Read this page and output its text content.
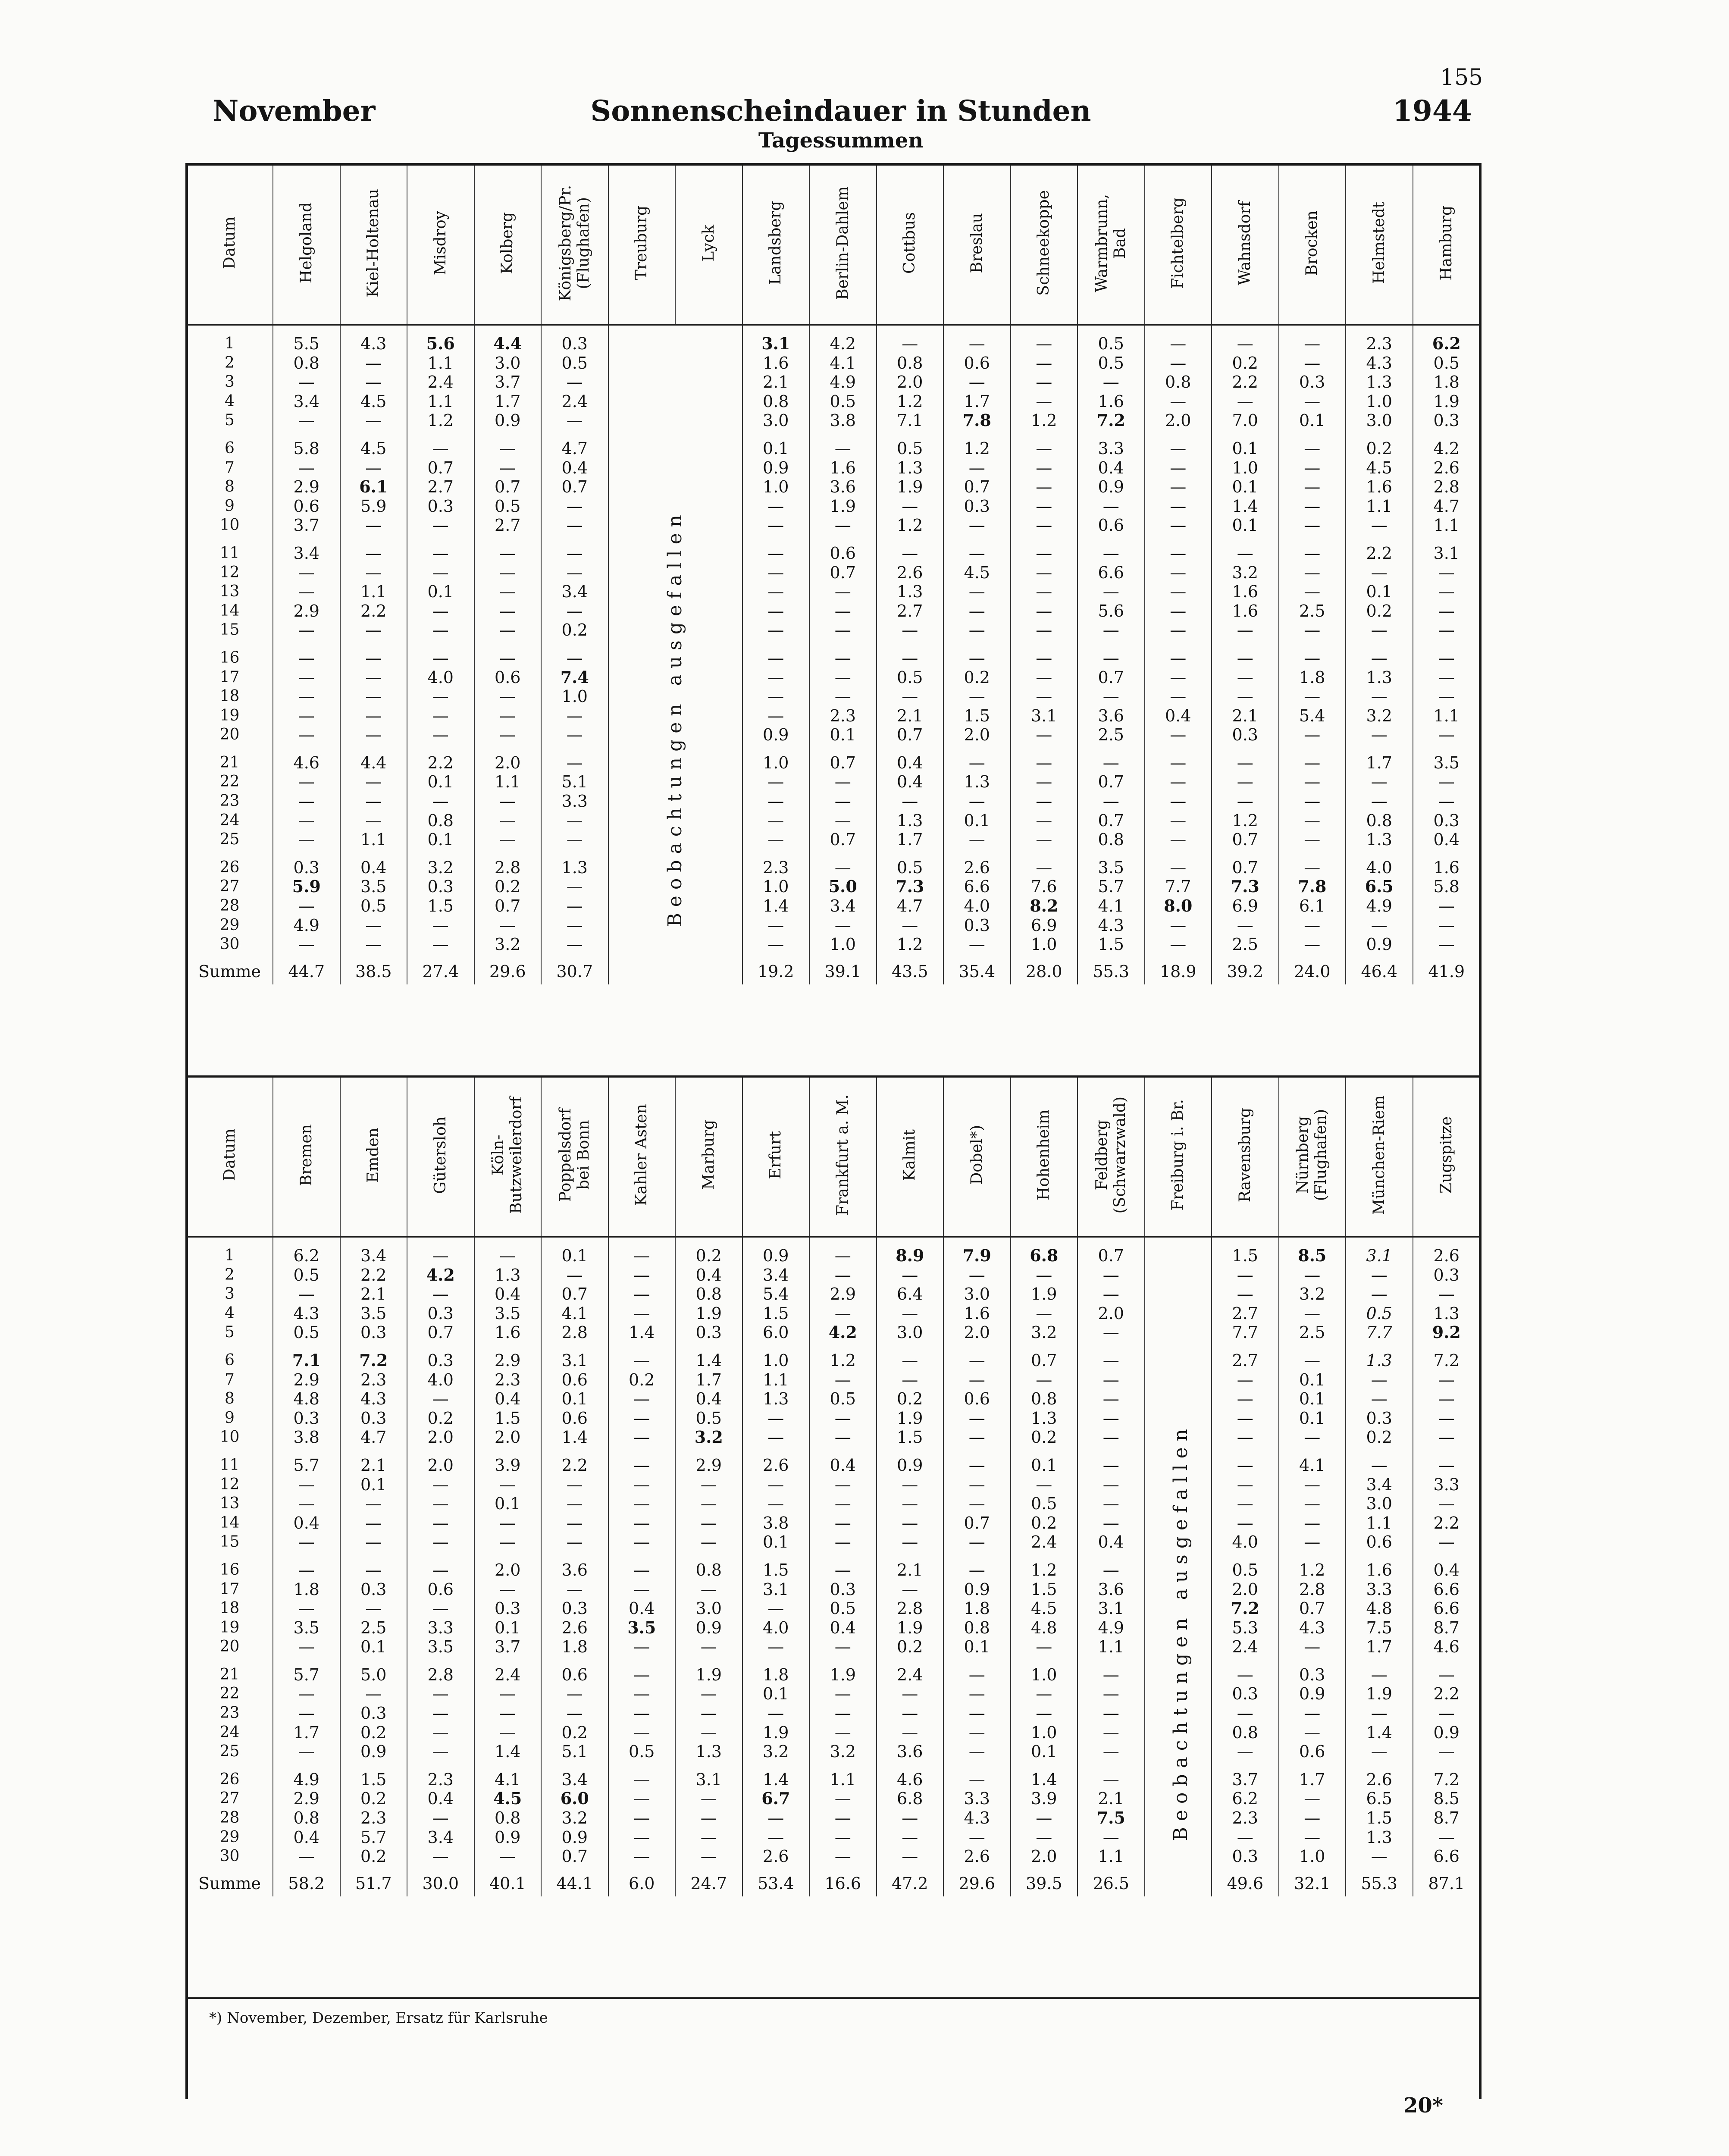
155
November	Sonnenscheindauer in Stunden	1944
Tagessummen
Datum	Helgoland	Kiel-Holtenau	Misdroy	Kolberg	Königsberg/Pr.
(Flughafen)	Treuburg	Lyck	Landsberg	Berlin-Dahlem	Cottbus	Breslau	Schneekoppe	Warmbrunn,
Bad	Fichtelberg	Wahnsdorf	Brocken	Helmstedt	Hamburg
1	5.5	4.3	5.6	4.4	0.3			3.1	4.2	—	—	—	0.5	—	—	—	2.3	6.2
2	0.8	—	1.1	3.0	0.5			1.6	4.1	0.8	0.6	—	0.5	—	0.2	—	4.3	0.5
3	—	—	2.4	3.7	—			2.1	4.9	2.0	—	—	—	0.8	2.2	0.3	1.3	1.8
4	3.4	4.5	1.1	1.7	2.4			0.8	0.5	1.2	1.7	—	1.6	—	—	—	1.0	1.9
5	—	—	1.2	0.9	—			3.0	3.8	7.1	7.8	1.2	7.2	2.0	7.0	0.1	3.0	0.3
6	5.8	4.5	—	—	4.7			0.1	—	0.5	1.2	—	3.3	—	0.1	—	0.2	4.2
7	—	—	0.7	—	0.4			0.9	1.6	1.3	—	—	0.4	—	1.0	—	4.5	2.6
8	2.9	6.1	2.7	0.7	0.7			1.0	3.6	1.9	0.7	—	0.9	—	0.1	—	1.6	2.8
9	0.6	5.9	0.3	0.5	—			—	1.9	—	0.3	—	—	—	1.4	—	1.1	4.7
10	3.7	—	—	2.7	—			—	—	1.2	—	—	0.6	—	0.1	—	—	1.1
11	3.4	—	—	—	—			—	0.6	—	—	—	—	—	—	—	2.2	3.1
12	—	—	—	—	—			—	0.7	2.6	4.5	—	6.6	—	3.2	—	—	—
13	—	1.1	0.1	—	3.4			—	—	1.3	—	—	—	—	1.6	—	0.1	—
14	2.9	2.2	—	—	—			—	—	2.7	—	—	5.6	—	1.6	2.5	0.2	—
15	—	—	—	—	0.2			—	—	—	—	—	—	—	—	—	—	—
16	—	—	—	—	—			—	—	—	—	—	—	—	—	—	—	—
17	—	—	4.0	0.6	7.4			—	—	0.5	0.2	—	0.7	—	—	1.8	1.3	—
18	—	—	—	—	1.0			—	—	—	—	—	—	—	—	—	—	—
19	—	—	—	—	—			—	2.3	2.1	1.5	3.1	3.6	0.4	2.1	5.4	3.2	1.1
20	—	—	—	—	—			0.9	0.1	0.7	2.0	—	2.5	—	0.3	—	—	—
21	4.6	4.4	2.2	2.0	—			1.0	0.7	0.4	—	—	—	—	—	—	1.7	3.5
22	—	—	0.1	1.1	5.1			—	—	0.4	1.3	—	0.7	—	—	—	—	—
23	—	—	—	—	3.3			—	—	—	—	—	—	—	—	—	—	—
24	—	—	0.8	—	—			—	—	1.3	0.1	—	0.7	—	1.2	—	0.8	0.3
25	—	1.1	0.1	—	—			—	0.7	1.7	—	—	0.8	—	0.7	—	1.3	0.4
26	0.3	0.4	3.2	2.8	1.3			2.3	—	0.5	2.6	—	3.5	—	0.7	—	4.0	1.6
27	5.9	3.5	0.3	0.2	—			1.0	5.0	7.3	6.6	7.6	5.7	7.7	7.3	7.8	6.5	5.8
28	—	0.5	1.5	0.7	—			1.4	3.4	4.7	4.0	8.2	4.1	8.0	6.9	6.1	4.9	—
29	4.9	—	—	—	—			—	—	—	0.3	6.9	4.3	—	—	—	—	—
30	—	—	—	3.2	—			—	1.0	1.2	—	1.0	1.5	—	2.5	—	0.9	—
Summe	44.7	38.5	27.4	29.6	30.7			19.2	39.1	43.5	35.4	28.0	55.3	18.9	39.2	24.0	46.4	41.9
Datum	Bremen	Emden	Gütersloh	Köln-
Butzweilerdorf	Poppelsdorf
bei Bonn	Kahler Asten	Marburg	Erfurt	Frankfurt a. M.	Kalmit	Dobel*)	Hohenheim	Feldberg
(Schwarzwald)	Freiburg i. Br.	Ravensburg	Nürnberg
(Flughafen)	München-Riem	Zugspitze
1	6.2	3.4	—	—	0.1	—	0.2	0.9	—	8.9	7.9	6.8	0.7		1.5	8.5	3.1	2.6
2	0.5	2.2	4.2	1.3	—	—	0.4	3.4	—	—	—	—	—		—	—	—	0.3
3	—	2.1	—	0.4	0.7	—	0.8	5.4	2.9	6.4	3.0	1.9	—		—	3.2	—	—
4	4.3	3.5	0.3	3.5	4.1	—	1.9	1.5	—	—	1.6	—	2.0		2.7	—	0.5	1.3
5	0.5	0.3	0.7	1.6	2.8	1.4	0.3	6.0	4.2	3.0	2.0	3.2	—		7.7	2.5	7.7	9.2
6	7.1	7.2	0.3	2.9	3.1	—	1.4	1.0	1.2	—	—	0.7	—		2.7	—	1.3	7.2
7	2.9	2.3	4.0	2.3	0.6	0.2	1.7	1.1	—	—	—	—	—		—	0.1	—	—
8	4.8	4.3	—	0.4	0.1	—	0.4	1.3	0.5	0.2	0.6	0.8	—		—	0.1	—	—
9	0.3	0.3	0.2	1.5	0.6	—	0.5	—	—	1.9	—	1.3	—		—	0.1	0.3	—
10	3.8	4.7	2.0	2.0	1.4	—	3.2	—	—	1.5	—	0.2	—		—	—	0.2	—
11	5.7	2.1	2.0	3.9	2.2	—	2.9	2.6	0.4	0.9	—	0.1	—		—	4.1	—	—
12	—	0.1	—	—	—	—	—	—	—	—	—	—	—		—	—	3.4	3.3
13	—	—	—	0.1	—	—	—	—	—	—	—	0.5	—		—	—	3.0	—
14	0.4	—	—	—	—	—	—	3.8	—	—	0.7	0.2	—		—	—	1.1	2.2
15	—	—	—	—	—	—	—	0.1	—	—	—	2.4	0.4		4.0	—	0.6	—
16	—	—	—	2.0	3.6	—	0.8	1.5	—	2.1	—	1.2	—		0.5	1.2	1.6	0.4
17	1.8	0.3	0.6	—	—	—	—	3.1	0.3	—	0.9	1.5	3.6		2.0	2.8	3.3	6.6
18	—	—	—	0.3	0.3	0.4	3.0	—	0.5	2.8	1.8	4.5	3.1		7.2	0.7	4.8	6.6
19	3.5	2.5	3.3	0.1	2.6	3.5	0.9	4.0	0.4	1.9	0.8	4.8	4.9		5.3	4.3	7.5	8.7
20	—	0.1	3.5	3.7	1.8	—	—	—	—	0.2	0.1	—	1.1		2.4	—	1.7	4.6
21	5.7	5.0	2.8	2.4	0.6	—	1.9	1.8	1.9	2.4	—	1.0	—		—	0.3	—	—
22	—	—	—	—	—	—	—	0.1	—	—	—	—	—		0.3	0.9	1.9	2.2
23	—	0.3	—	—	—	—	—	—	—	—	—	—	—		—	—	—	—
24	1.7	0.2	—	—	0.2	—	—	1.9	—	—	—	1.0	—		0.8	—	1.4	0.9
25	—	0.9	—	1.4	5.1	0.5	1.3	3.2	3.2	3.6	—	0.1	—		—	0.6	—	—
26	4.9	1.5	2.3	4.1	3.4	—	3.1	1.4	1.1	4.6	—	1.4	—		3.7	1.7	2.6	7.2
27	2.9	0.2	0.4	4.5	6.0	—	—	6.7	—	6.8	3.3	3.9	2.1		6.2	—	6.5	8.5
28	0.8	2.3	—	0.8	3.2	—	—	—	—	—	4.3	—	7.5		2.3	—	1.5	8.7
29	0.4	5.7	3.4	0.9	0.9	—	—	—	—	—	—	—	—		—	—	1.3	—
30	—	0.2	—	—	0.7	—	—	2.6	—	—	2.6	2.0	1.1		0.3	1.0	—	6.6
Summe	58.2	51.7	30.0	40.1	44.1	6.0	24.7	53.4	16.6	47.2	29.6	39.5	26.5		49.6	32.1	55.3	87.1
Beobachtungen ausgefallen
Beobachtungen ausgefallen
*) November, Dezember, Ersatz für Karlsruhe
20*
